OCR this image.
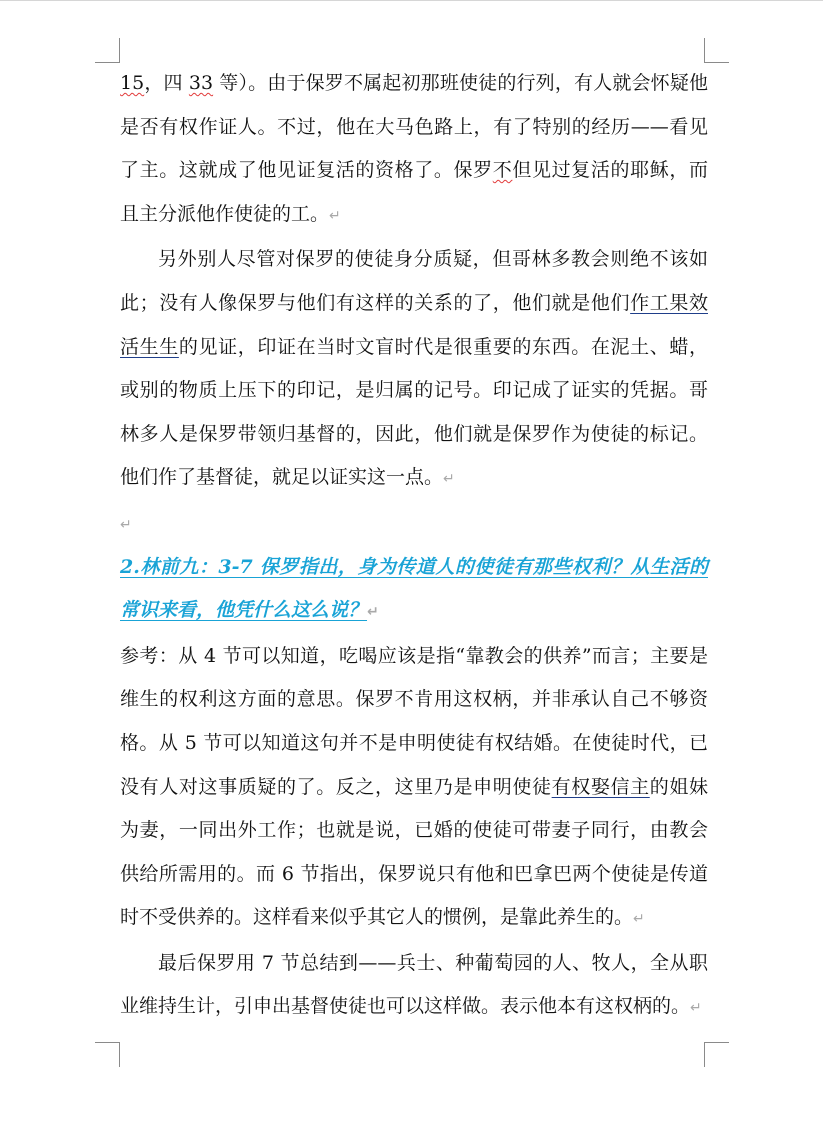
15，四 33 等）。由于保罗不属起初那班使徒的行列，有人就会怀疑他是否有权作证人。不过，他在大马色路上，有了特别的经历——看见了主。这就成了他见证复活的资格了。保罗不但见过复活的耶稣，而且主分派他作使徒的工。↵

另外别人尽管对保罗的使徒身分质疑，但哥林多教会则绝不该如此；没有人像保罗与他们有这样的关系的了，他们就是他们作工果效活生生的见证，印证在当时文盲时代是很重要的东西。在泥土、蜡，或别的物质上压下的印记，是归属的记号。印记成了证实的凭据。哥林多人是保罗带领归基督的，因此，他们就是保罗作为使徒的标记。他们作了基督徒，就足以证实这一点。↵

↵

2.林前九：3-7 保罗指出，身为传道人的使徒有那些权利？从生活的常识来看，他凭什么这么说？↵

参考：从 4 节可以知道，吃喝应该是指“靠教会的供养”而言；主要是维生的权利这方面的意思。保罗不肯用这权柄，并非承认自己不够资格。从 5 节可以知道这句并不是申明使徒有权结婚。在使徒时代，已没有人对这事质疑的了。反之，这里乃是申明使徒有权娶信主的姐妹为妻，一同出外工作；也就是说，已婚的使徒可带妻子同行，由教会供给所需用的。而 6 节指出，保罗说只有他和巴拿巴两个使徒是传道时不受供养的。这样看来似乎其它人的惯例，是靠此养生的。↵

最后保罗用 7 节总结到——兵士、种葡萄园的人、牧人，全从职业维持生计，引申出基督使徒也可以这样做。表示他本有这权柄的。↵
